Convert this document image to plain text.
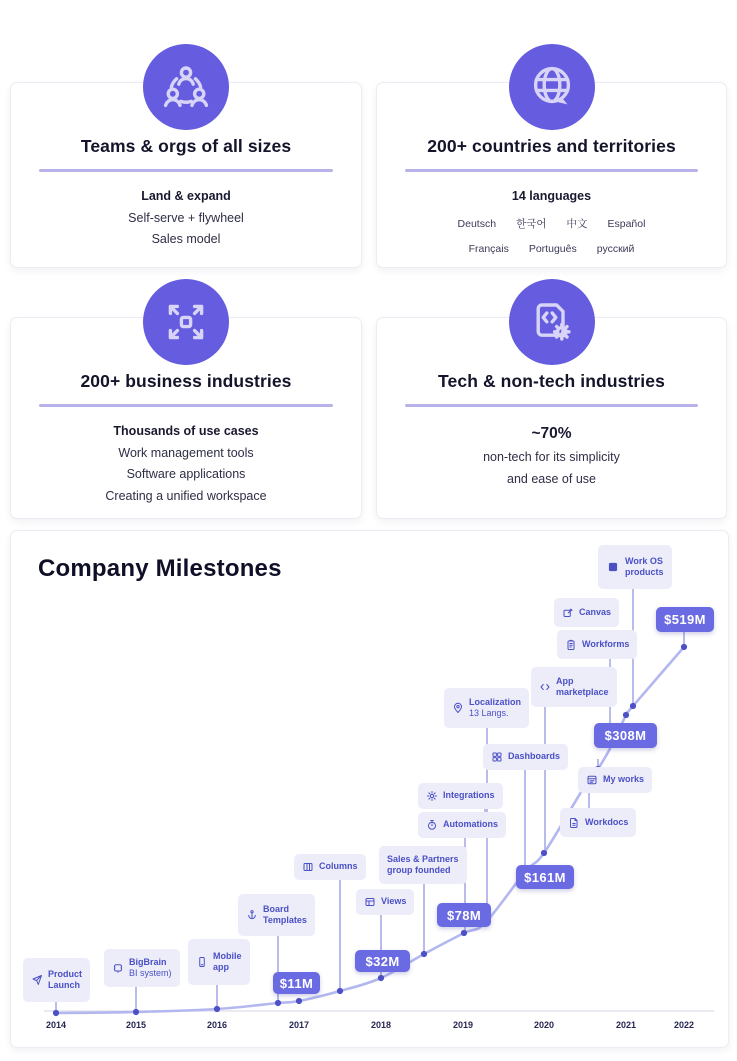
Teams & orgs of all sizes

Land & expand

Self-serve + flywheel

Sales model

200+ countries and territories

14 languages

Deutsch 한국어 中文 Español
Français Português русский
200+ business industries

Thousands of use cases

Work management tools

Software applications

Creating a unified workspace

Tech & non-tech industries

~70%

non-tech for its simplicity

and ease of use

Company Milestones
2014	2015	2016	2017	2018	2019	2020	2021	2022
Product
Launch
BigBrain
BI system)
Mobile
app
Board
Templates
Columns
Views
Sales & Partners
group founded
Integrations
Automations
Localization
13 Langs.
Dashboards
App
marketplace
My works
Workdocs
Workforms
Canvas
Work OS
products
$11M
$32M
$78M
$161M
$308M
$519M
